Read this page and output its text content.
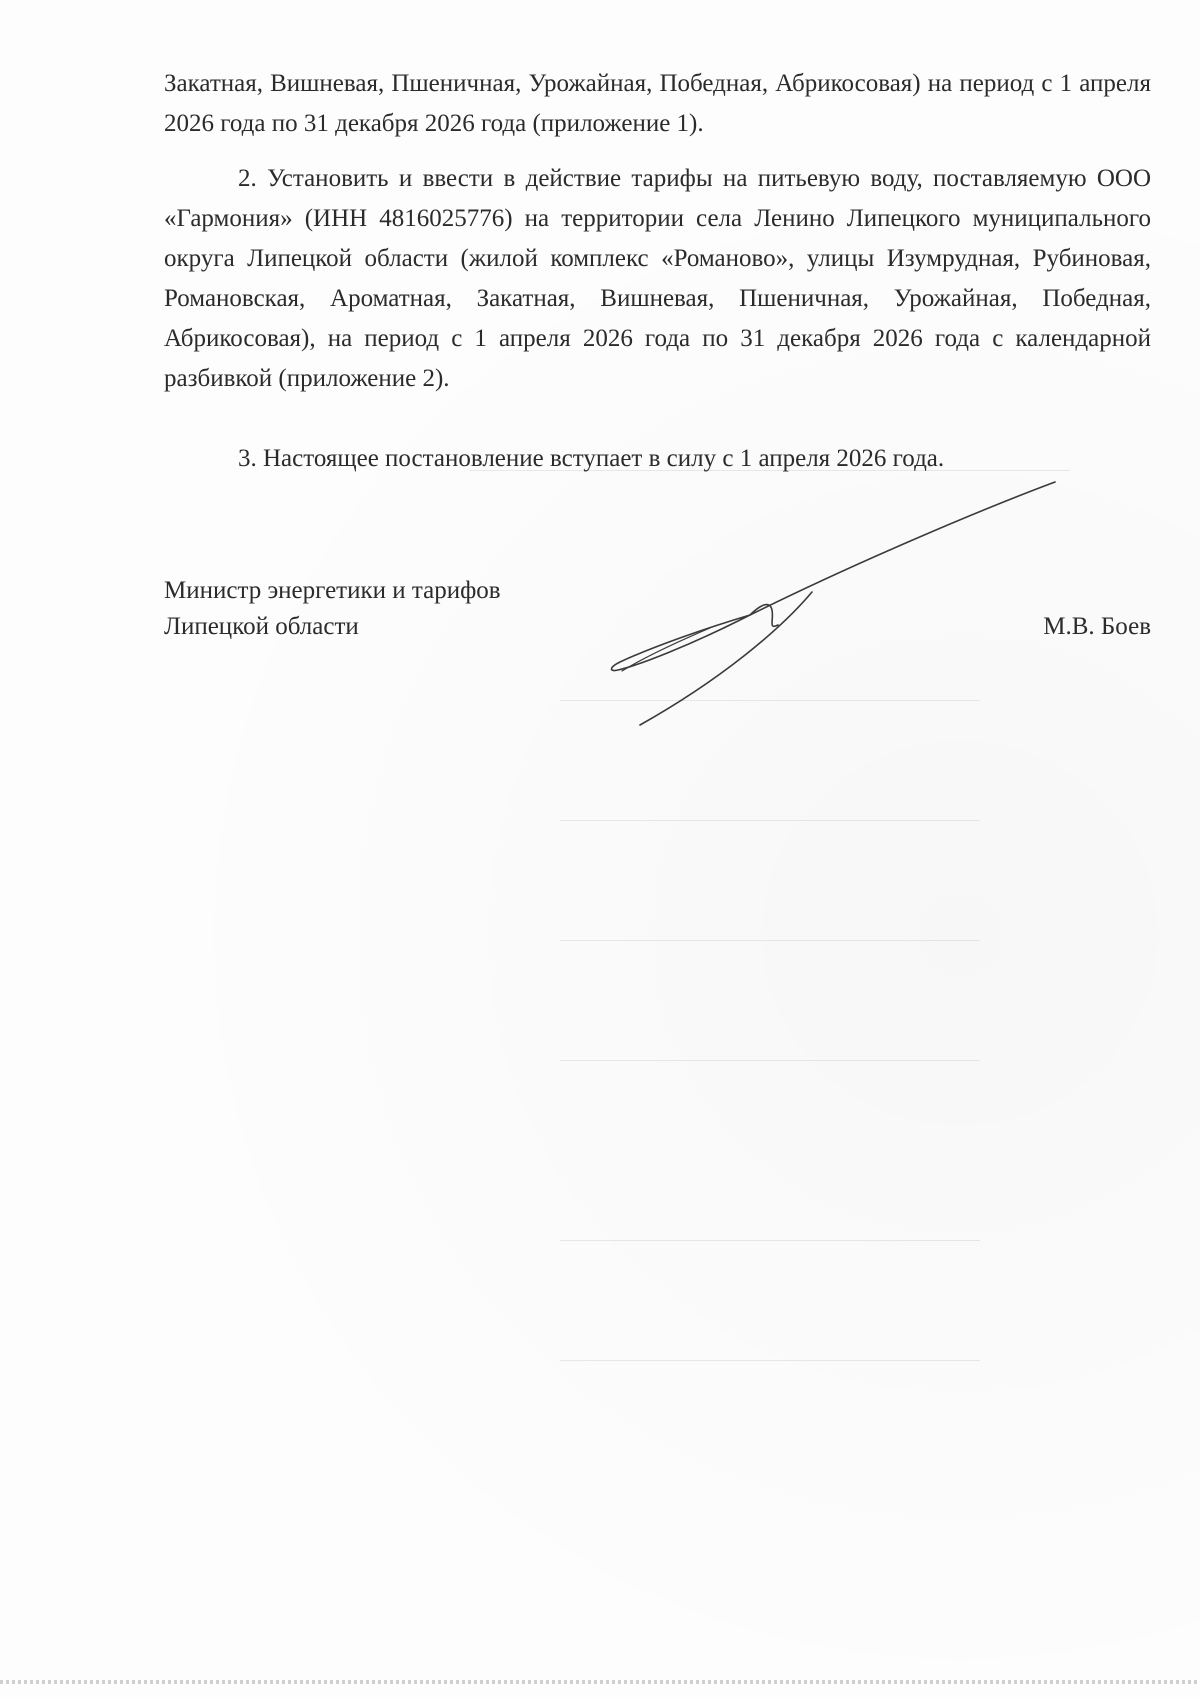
Закатная, Вишневая, Пшеничная, Урожайная, Победная, Абрикосовая) на период с 1 апреля 2026 года по 31 декабря 2026 года (приложение 1).

2. Установить и ввести в действие тарифы на питьевую воду, поставляемую ООО «Гармония» (ИНН 4816025776) на территории села Ленино Липецкого муниципального округа Липецкой области (жилой комплекс «Романово», улицы Изумрудная, Рубиновая, Романовская, Ароматная, Закатная, Вишневая, Пшеничная, Урожайная, Победная, Абрикосовая), на период с 1 апреля 2026 года по 31 декабря 2026 года с календарной разбивкой (приложение 2).

3. Настоящее постановление вступает в силу с 1 апреля 2026 года.

Министр энергетики и тарифов
Липецкой области	М.В. Боев
